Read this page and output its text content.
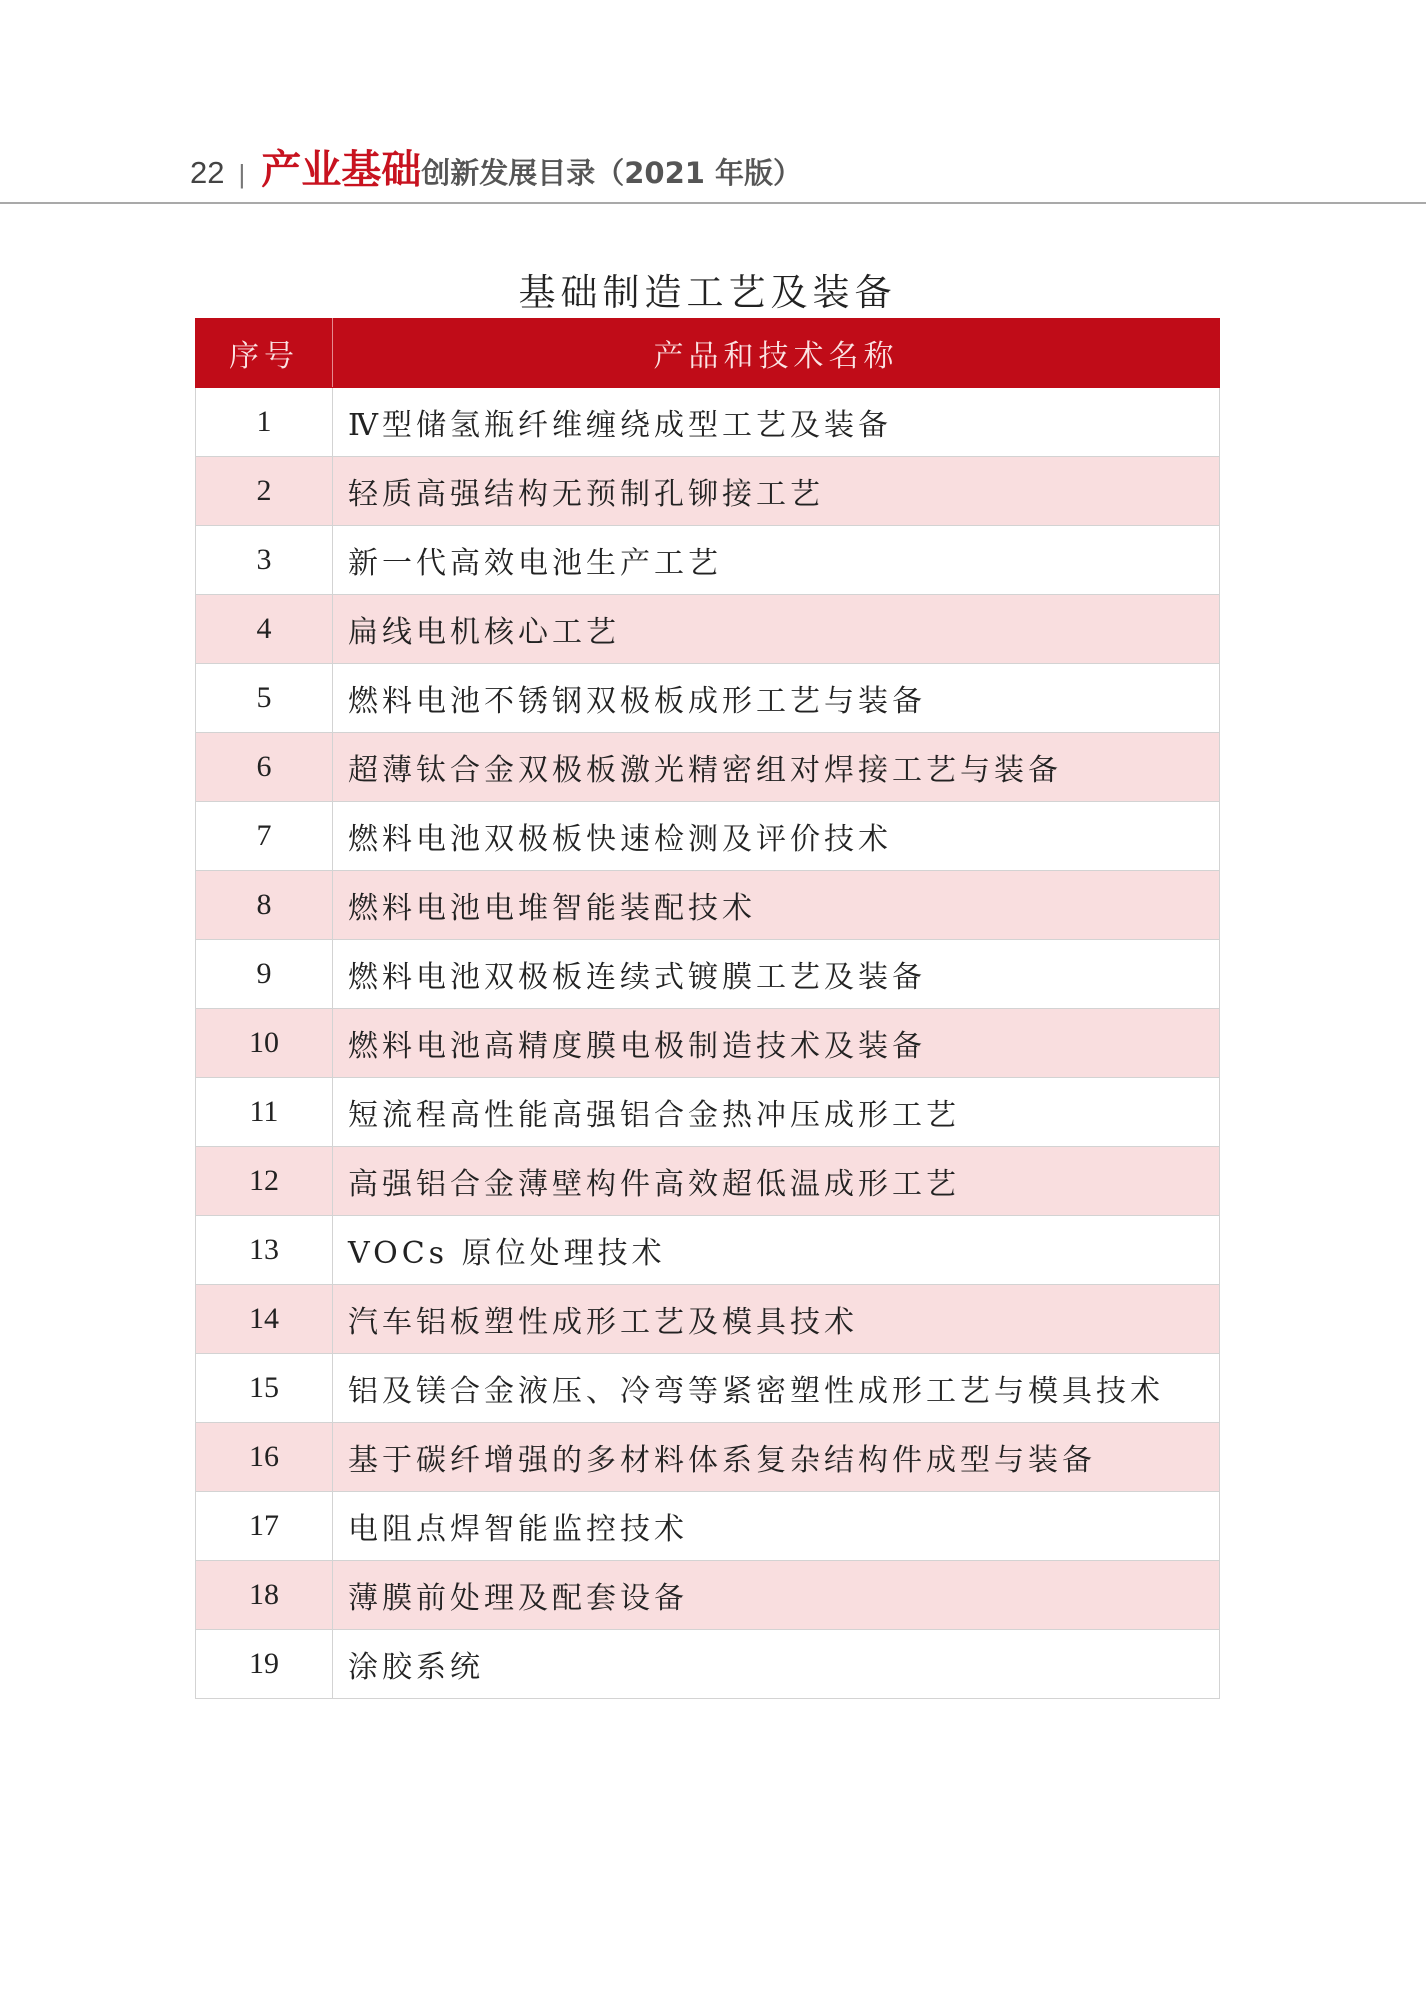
22 | 产业基础 创新发展目录（2021 年版）
基础制造工艺及装备
序号	产品和技术名称
1	Ⅳ型储氢瓶纤维缠绕成型工艺及装备
2	轻质高强结构无预制孔铆接工艺
3	新一代高效电池生产工艺
4	扁线电机核心工艺
5	燃料电池不锈钢双极板成形工艺与装备
6	超薄钛合金双极板激光精密组对焊接工艺与装备
7	燃料电池双极板快速检测及评价技术
8	燃料电池电堆智能装配技术
9	燃料电池双极板连续式镀膜工艺及装备
10	燃料电池高精度膜电极制造技术及装备
11	短流程高性能高强铝合金热冲压成形工艺
12	高强铝合金薄壁构件高效超低温成形工艺
13	VOCs 原位处理技术
14	汽车铝板塑性成形工艺及模具技术
15	铝及镁合金液压、冷弯等紧密塑性成形工艺与模具技术
16	基于碳纤增强的多材料体系复杂结构件成型与装备
17	电阻点焊智能监控技术
18	薄膜前处理及配套设备
19	涂胶系统
